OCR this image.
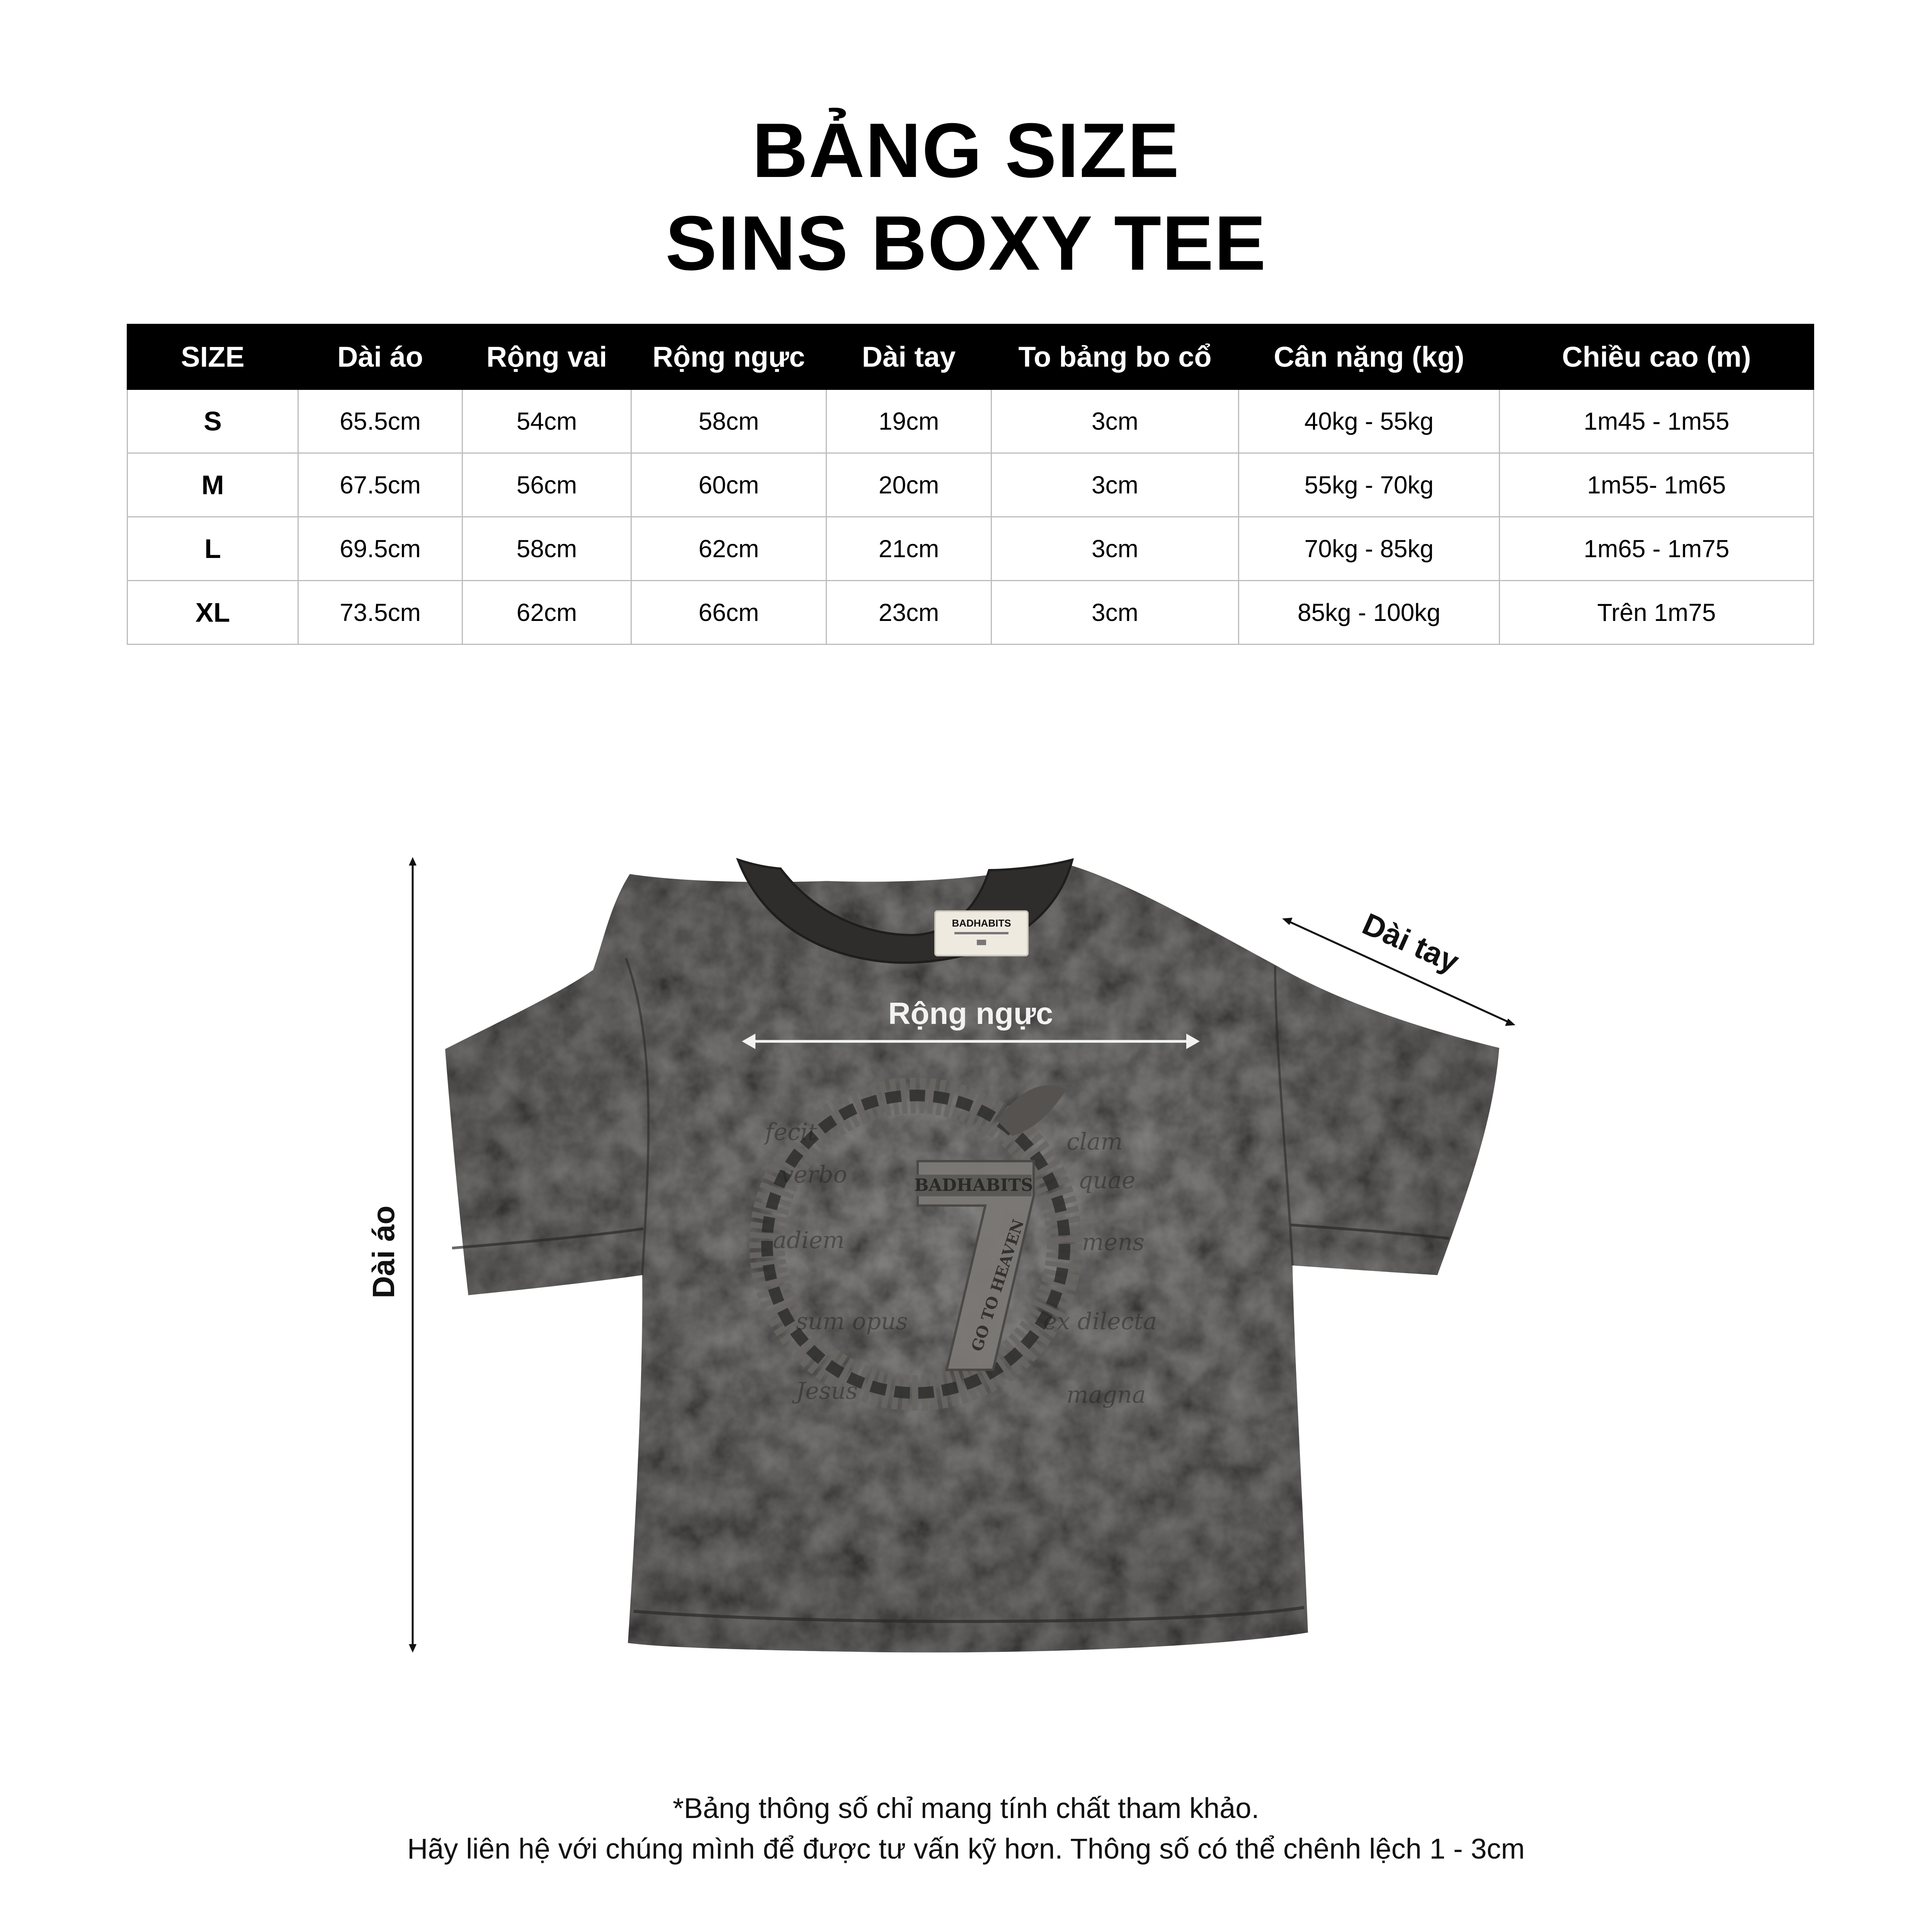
BẢNG SIZE
SINS BOXY TEE
SIZE	Dài áo	Rộng vai	Rộng ngực	Dài tay	To bảng bo cổ	Cân nặng (kg)	Chiều cao (m)
S	65.5cm	54cm	58cm	19cm	3cm	40kg - 55kg	1m45 - 1m55
M	67.5cm	56cm	60cm	20cm	3cm	55kg - 70kg	1m55- 1m65
L	69.5cm	58cm	62cm	21cm	3cm	70kg - 85kg	1m65 - 1m75
XL	73.5cm	62cm	66cm	23cm	3cm	85kg - 100kg	Trên 1m75
BADHABITS
fecit	clam
verbo	quae
adiem	mens
sum opus	ex dilecta
Jesus	magna
BADHABITS
GO TO HEAVEN
Dài áo
Rộng ngực
Dài tay
*Bảng thông số chỉ mang tính chất tham khảo.
Hãy liên hệ với chúng mình để được tư vấn kỹ hơn. Thông số có thể chênh lệch 1 - 3cm
